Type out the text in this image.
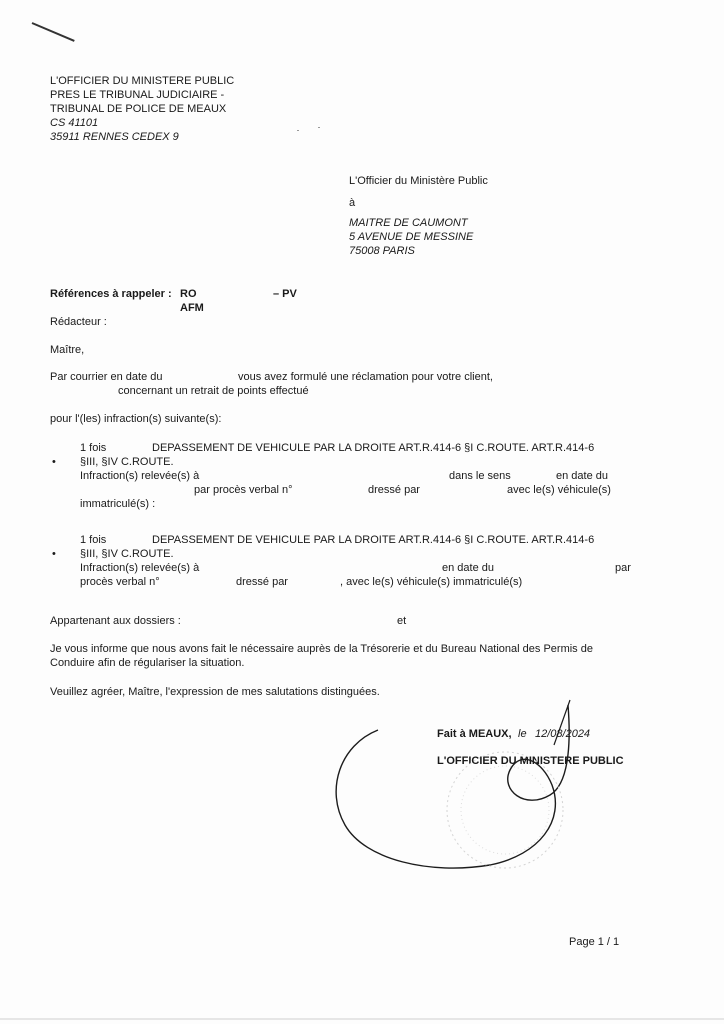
L'OFFICIER DU MINISTERE PUBLIC
PRES LE TRIBUNAL JUDICIAIRE -
TRIBUNAL DE POLICE DE MEAUX
CS 41101
35911 RENNES CEDEX 9
L'Officier du Ministère Public
à
MAITRE DE CAUMONT
5 AVENUE DE MESSINE
75008 PARIS
Références à rappeler : RO	– PV
AFM
Rédacteur :
Maître,
Par courrier en date du	vous avez formulé une réclamation pour votre client,
concernant un retrait de points effectué
pour l'(les) infraction(s) suivante(s):
•
1 fois	DEPASSEMENT DE VEHICULE PAR LA DROITE ART.R.414-6 §I C.ROUTE. ART.R.414-6
§III, §IV C.ROUTE.
Infraction(s) relevée(s) à	dans le sens	en date du
par procès verbal n°	dressé par	avec le(s) véhicule(s)
immatriculé(s) :
•
1 fois	DEPASSEMENT DE VEHICULE PAR LA DROITE ART.R.414-6 §I C.ROUTE. ART.R.414-6
§III, §IV C.ROUTE.
Infraction(s) relevée(s) à	en date du	par
procès verbal n°	dressé par	, avec le(s) véhicule(s) immatriculé(s)
Appartenant aux dossiers :	et
Je vous informe que nous avons fait le nécessaire auprès de la Trésorerie et du Bureau National des Permis de
Conduire afin de régulariser la situation.
Veuillez agréer, Maître, l'expression de mes salutations distinguées.
Fait à MEAUX, le 12/08/2024
L'OFFICIER DU MINISTERE PUBLIC
Page 1 / 1
